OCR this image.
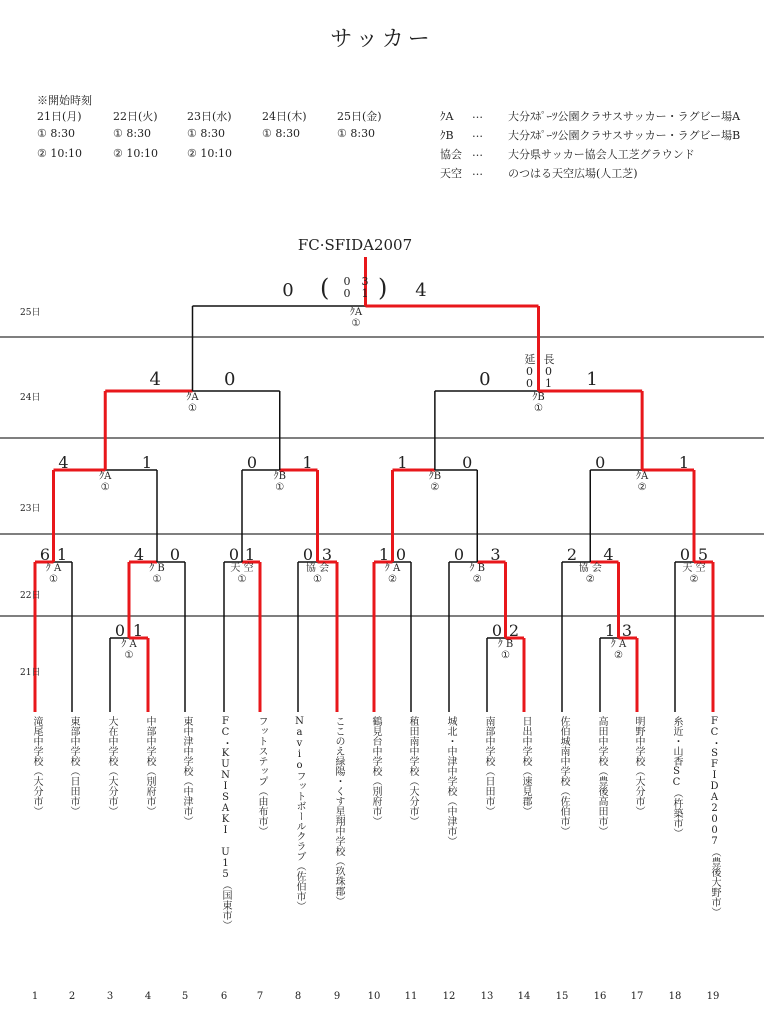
サッカー
※開始時刻
FC·SFIDA2007
25日
24日
23日
22日
21日
0	( 0
0
3
1 )	4
ｸA
①
0 1
ｸ A
①
0 2
ｸ B
①
1 3
ｸ A
②
6 1
ｸ A
①
4	0
ｸ B
①
0 1
天 空
①
0 3
協 会
①
1 0
ｸ A
②
0	3
ｸ B
②
2	4
協 会
②
0 5
天 空
②
4	1
ｸA
①
0	1
ｸB
①
1	0
ｸB
②
0	1
ｸA
②
4	0
ｸA
①
0	1
ｸB
①
延
0
0
長
0
1
滝尾中学校（大分市）
1
東部中学校（日田市）
2
大在中学校（大分市）
3
中部中学校（別府市）
4
東中津中学校（中津市）
5
FC・KUNISAKI U15（国東市）
6
フットステップ（由布市）
7
Navioフットボールクラブ（佐伯市）
8
ここのえ緑陽・くす星翔中学校（玖珠郡）
9
鶴見台中学校（別府市）
10
稙田南中学校（大分市）
11
城北・中津中学校（中津市）
12
南部中学校（日田市）
13
日出中学校（速見郡）
14
佐伯城南中学校（佐伯市）
15
高田中学校（豊後高田市）
16
明野中学校（大分市）
17
糸近・山香SC（杵築市）
18
FC・SFIDA2007（豊後大野市）
19
21日(月)
① 8:30
② 10:10
22日(火)
① 8:30
② 10:10
23日(水)
① 8:30
② 10:10
24日(木)
① 8:30
25日(金)
① 8:30
ｸA … 大分ｽﾎﾟｰﾂ公園クラサスサッカー・ラグビー場A
ｸB … 大分ｽﾎﾟｰﾂ公園クラサスサッカー・ラグビー場B
協会 … 大分県サッカー協会人工芝グラウンド
天空 … のつはる天空広場(人工芝)
